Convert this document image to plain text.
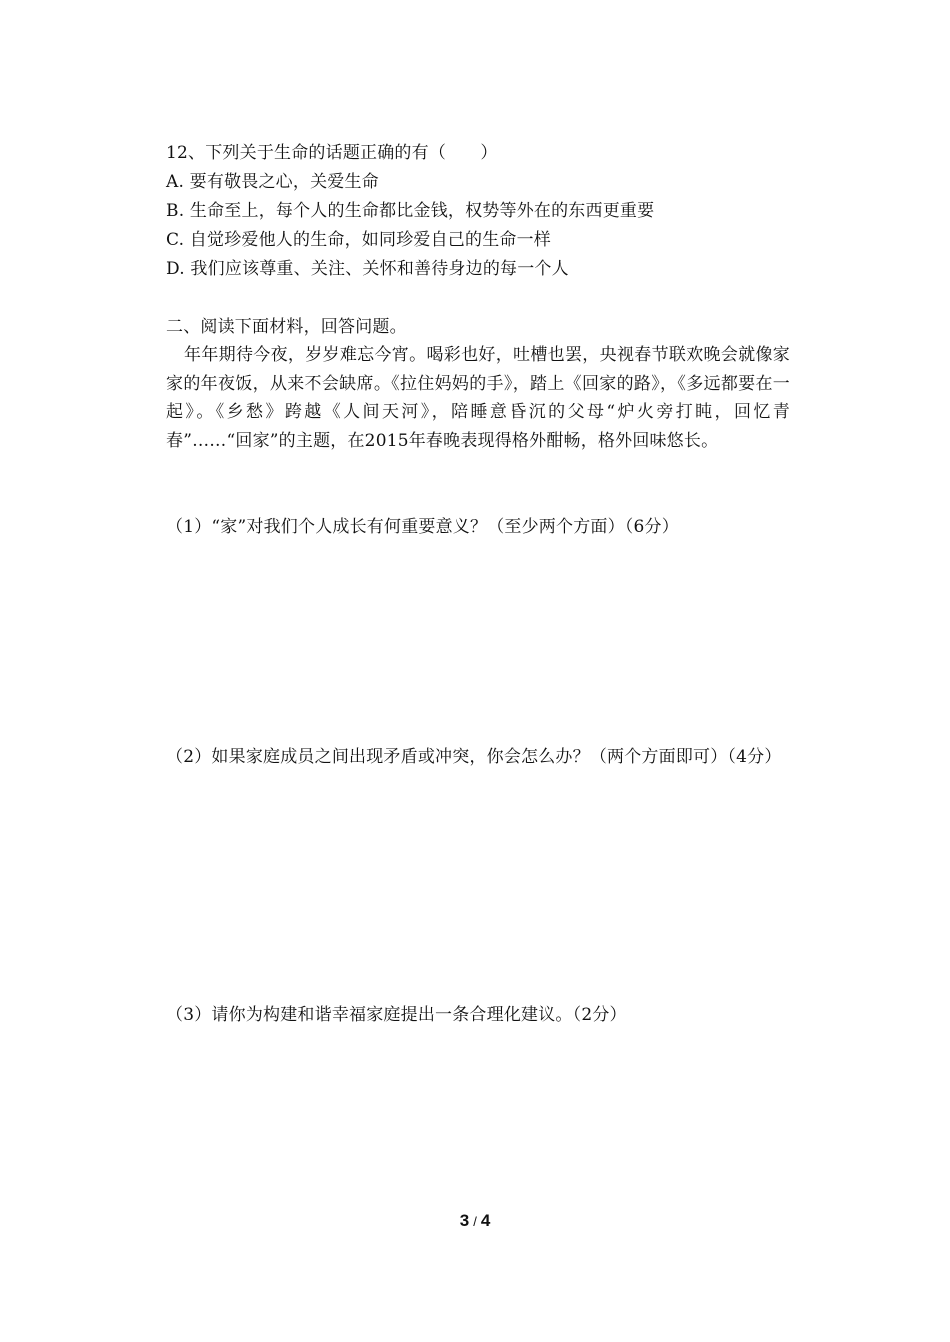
12、下列关于生命的话题正确的有（　　）
A. 要有敬畏之心，关爱生命
B. 生命至上，每个人的生命都比金钱，权势等外在的东西更重要
C. 自觉珍爱他人的生命，如同珍爱自己的生命一样
D. 我们应该尊重、关注、关怀和善待身边的每一个人
二、阅读下面材料，回答问题。
年年期待今夜，岁岁难忘今宵。喝彩也好，吐槽也罢，央视春节联欢晚会就像家家的年夜饭，从来不会缺席。《拉住妈妈的手》，踏上《回家的路》，《多远都要在一起》。《乡愁》跨越《人间天河》，陪睡意昏沉的父母“炉火旁打盹，回忆青春”……“回家”的主题，在2015年春晚表现得格外酣畅，格外回味悠长。
（1）“家”对我们个人成长有何重要意义？（至少两个方面）（6分）
（2）如果家庭成员之间出现矛盾或冲突，你会怎么办？（两个方面即可）（4分）
（3）请你为构建和谐幸福家庭提出一条合理化建议。（2分）
3 / 4
